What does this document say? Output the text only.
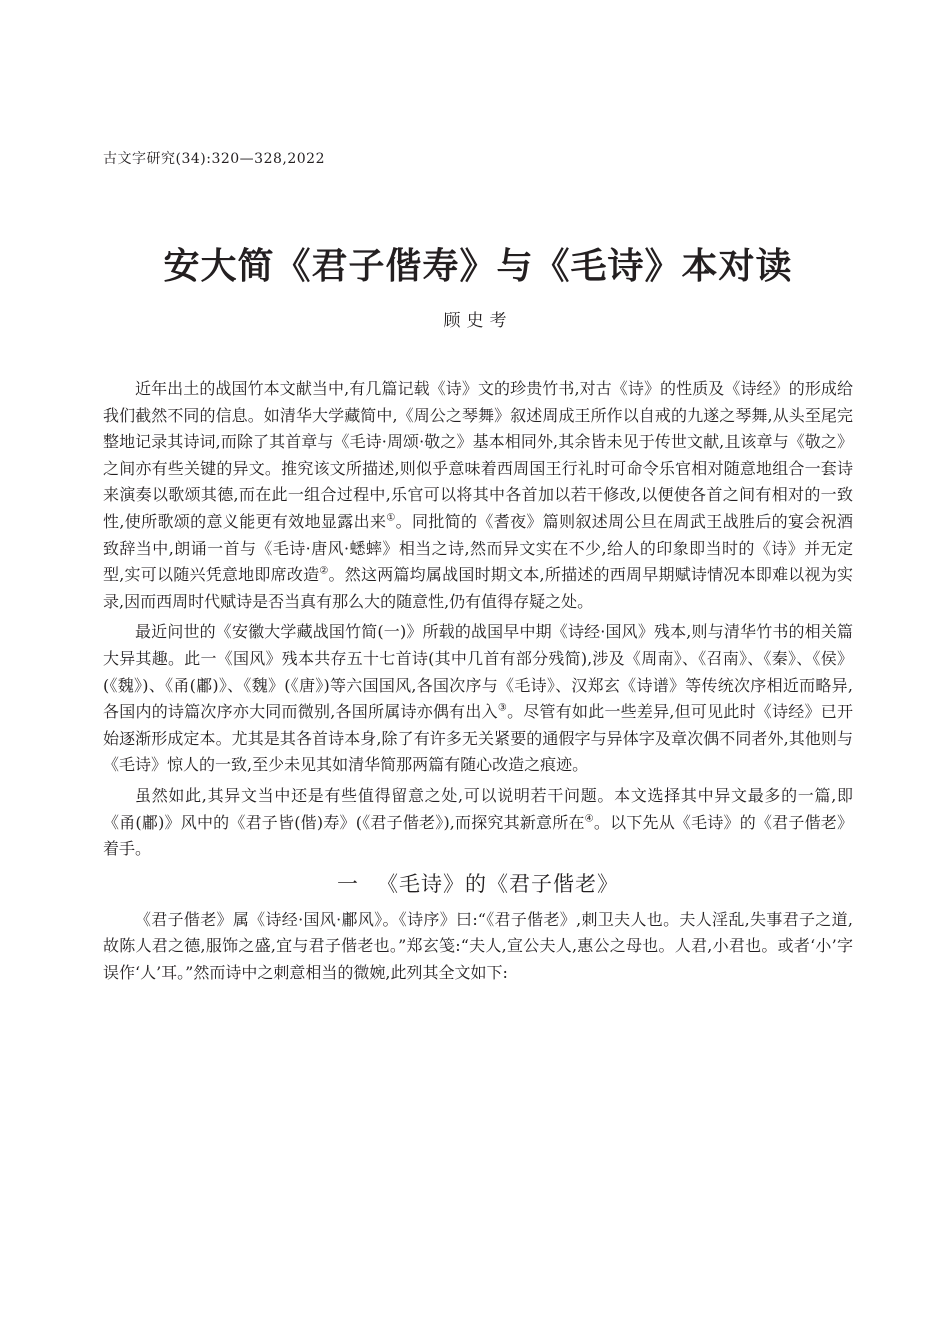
古文字研究(34):320—328,2022
安大简《君子偕寿》与《毛诗》本对读
顾史考

近年出土的战国竹本文献当中,有几篇记载《诗》文的珍贵竹书,对古《诗》的性质及《诗经》的形成给我们截然不同的信息。如清华大学藏简中,《周公之琴舞》叙述周成王所作以自戒的九遂之琴舞,从头至尾完整地记录其诗词,而除了其首章与《毛诗·周颂·敬之》基本相同外,其余皆未见于传世文献,且该章与《敬之》之间亦有些关键的异文。推究该文所描述,则似乎意味着西周国王行礼时可命令乐官相对随意地组合一套诗来演奏以歌颂其德,而在此一组合过程中,乐官可以将其中各首加以若干修改,以便使各首之间有相对的一致性,使所歌颂的意义能更有效地显露出来①。同批简的《耆夜》篇则叙述周公旦在周武王战胜后的宴会祝酒致辞当中,朗诵一首与《毛诗·唐风·蟋蟀》相当之诗,然而异文实在不少,给人的印象即当时的《诗》并无定型,实可以随兴凭意地即席改造②。然这两篇均属战国时期文本,所描述的西周早期赋诗情况本即难以视为实录,因而西周时代赋诗是否当真有那么大的随意性,仍有值得存疑之处。

最近问世的《安徽大学藏战国竹简(一)》所载的战国早中期《诗经·国风》残本,则与清华竹书的相关篇大异其趣。此一《国风》残本共存五十七首诗(其中几首有部分残简),涉及《周南》、《召南》、《秦》、《侯》(《魏》)、《甬(鄘)》、《魏》(《唐》)等六国国风,各国次序与《毛诗》、汉郑玄《诗谱》等传统次序相近而略异,各国内的诗篇次序亦大同而微别,各国所属诗亦偶有出入③。尽管有如此一些差异,但可见此时《诗经》已开始逐渐形成定本。尤其是其各首诗本身,除了有许多无关紧要的通假字与异体字及章次偶不同者外,其他则与《毛诗》惊人的一致,至少未见其如清华简那两篇有随心改造之痕迹。

虽然如此,其异文当中还是有些值得留意之处,可以说明若干问题。本文选择其中异文最多的一篇,即《甬(鄘)》风中的《君子皆(偕)寿》(《君子偕老》),而探究其新意所在④。以下先从《毛诗》的《君子偕老》着手。

一 《毛诗》的《君子偕老》

《君子偕老》属《诗经·国风·鄘风》。《诗序》曰:“《君子偕老》,刺卫夫人也。夫人淫乱,失事君子之道,故陈人君之德,服饰之盛,宜与君子偕老也。”郑玄笺:“夫人,宣公夫人,惠公之母也。人君,小君也。或者‘小’字误作‘人’耳。”然而诗中之刺意相当的微婉,此列其全文如下:
